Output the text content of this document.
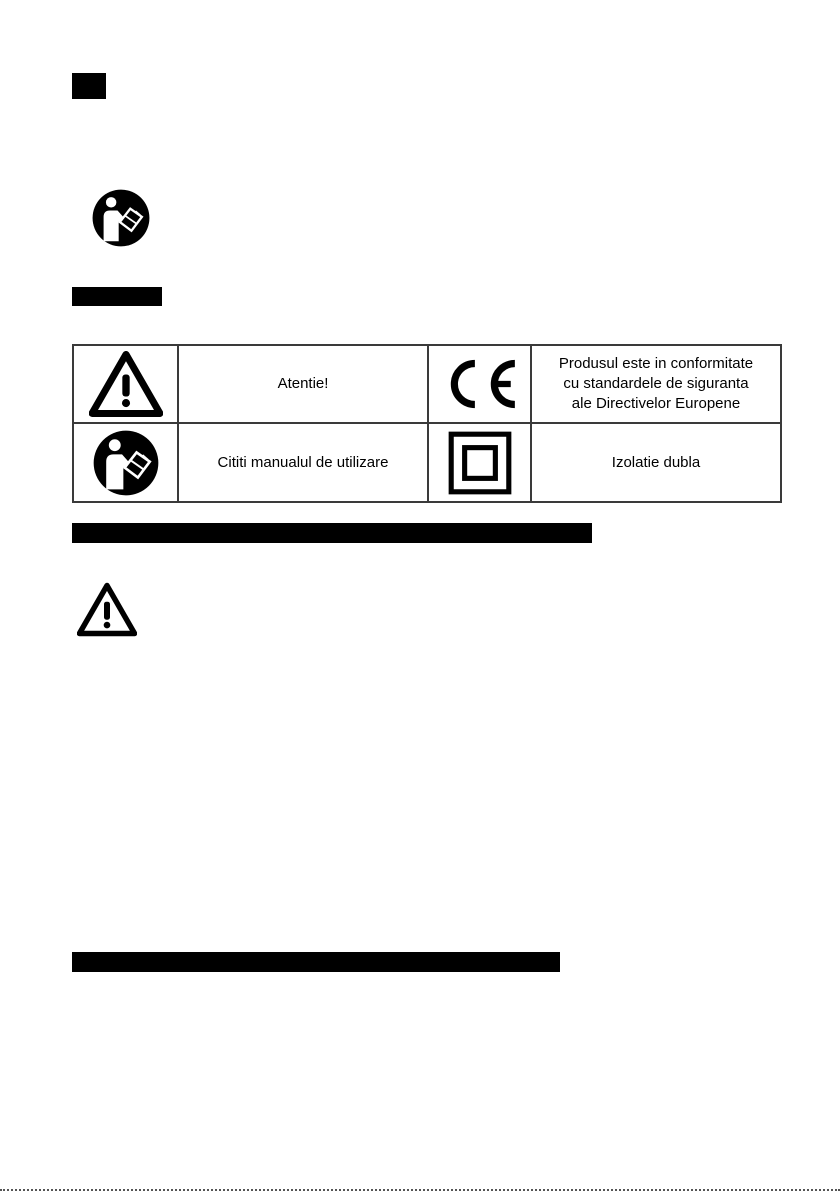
Atentie!		Produsul este in conformitate
cu standardele de siguranta
ale Directivelor Europene

Cititi manualul de utilizare		Izolatie dubla
